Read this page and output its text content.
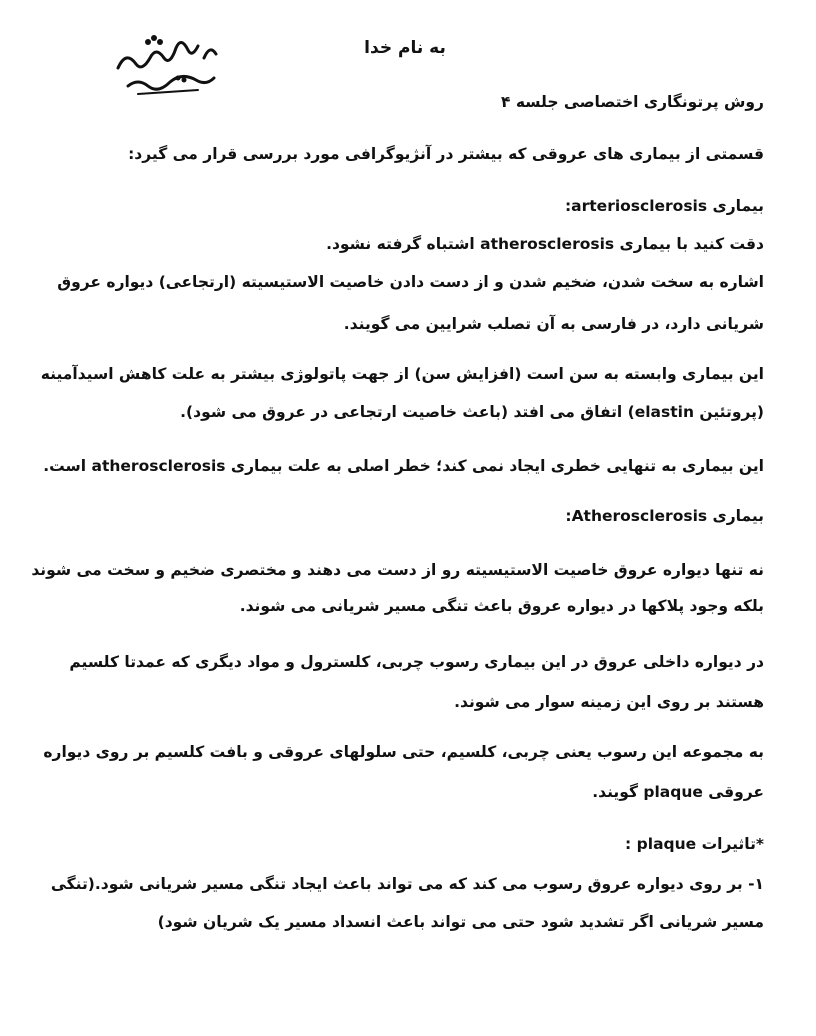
به نام خدا
روش پرتونگاری اختصاصی جلسه ۴
قسمتی از بیماری های عروقی که بیشتر در آنژیوگرافی مورد بررسی قرار می گیرد:
بیماری arteriosclerosis:
دقت کنید با بیماری atherosclerosis اشتباه گرفته نشود.
اشاره به سخت شدن، ضخیم شدن و از دست دادن خاصیت الاستیسیته (ارتجاعی) دیواره عروق
شریانی دارد، در فارسی به آن تصلب شرایین می گویند.
این بیماری وابسته به سن است (افزایش سن) از جهت پاتولوژی بیشتر به علت کاهش اسیدآمینه
(پروتئین elastin) اتفاق می افتد (باعث خاصیت ارتجاعی در عروق می شود).
این بیماری به تنهایی خطری ایجاد نمی کند؛ خطر اصلی به علت بیماری atherosclerosis است.
بیماری Atherosclerosis:
نه تنها دیواره عروق خاصیت الاستیسیته رو از دست می دهند و مختصری ضخیم و سخت می شوند
بلکه وجود پلاکها در دیواره عروق باعث تنگی مسیر شریانی می شوند.
در دیواره داخلی عروق در این بیماری رسوب چربی، کلسترول و مواد دیگری که عمدتا کلسیم
هستند بر روی این زمینه سوار می شوند.
به مجموعه این رسوب یعنی چربی، کلسیم، حتی سلولهای عروقی و بافت کلسیم بر روی دیواره
عروقی plaque گویند.
*تاثیرات plaque :
۱- بر روی دیواره عروق رسوب می کند که می تواند باعث ایجاد تنگی مسیر شریانی شود.(تنگی
مسیر شریانی اگر تشدید شود حتی می تواند باعث انسداد مسیر یک شریان شود)
